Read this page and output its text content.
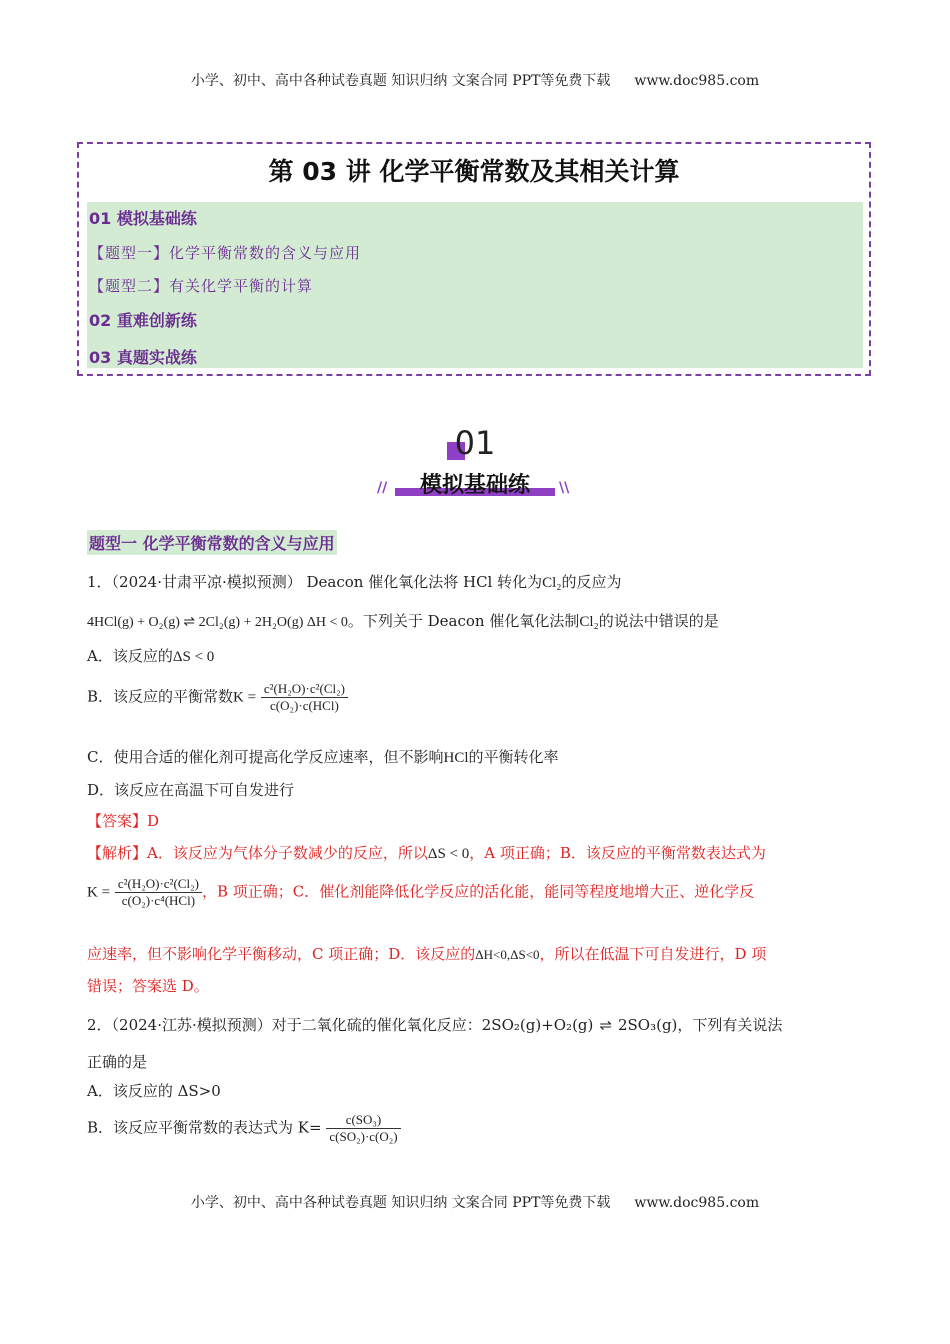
小学、初中、高中各种试卷真题 知识归纳 文案合同 PPT等免费下载 www.doc985.com
第 03 讲 化学平衡常数及其相关计算
01 模拟基础练
【题型一】化学平衡常数的含义与应用
【题型二】有关化学平衡的计算
02 重难创新练
03 真题实战练
01
模拟基础练
//	\\
题型一 化学平衡常数的含义与应用
1．（2024·甘肃平凉·模拟预测） Deacon 催化氧化法将 HCl 转化为Cl₂的反应为
4HCl(g) + O₂(g) ⇌ 2Cl₂(g) + 2H₂O(g) ΔH < 0。下列关于 Deacon 催化氧化法制Cl₂的说法中错误的是
A．该反应的ΔS < 0
B．该反应的平衡常数$K = \frac{\text{c²(H₂O)·c²(Cl₂)}}{\text{c(O₂)·c(HCl)}}$
C．使用合适的催化剂可提高化学反应速率，但不影响HCl的平衡转化率
D．该反应在高温下可自发进行
【答案】D
【解析】A．该反应为气体分子数减少的反应，所以ΔS < 0，A 项正确；B．该反应的平衡常数表达式为
$K = \frac{\text{c²(H₂O)·c²(Cl₂)}}{\text{c(O₂)·c⁴(HCl)}}$ ，B 项正确；C．催化剂能降低化学反应的活化能，能同等程度地增大正、逆化学反
应速率，但不影响化学平衡移动，C 项正确；D．该反应的ΔH<0,ΔS<0，所以在低温下可自发进行，D 项
错误；答案选 D。
2．（2024·江苏·模拟预测）对于二氧化硫的催化氧化反应：2SO₂(g)+O₂(g) ⇌ 2SO₃(g)，下列有关说法
正确的是
A．该反应的 ΔS>0
B．该反应平衡常数的表达式为 $K= \frac{\text{c(SO₃)}}{\text{c(SO₂)·c(O₂)}}$
小学、初中、高中各种试卷真题 知识归纳 文案合同 PPT等免费下载 www.doc985.com
